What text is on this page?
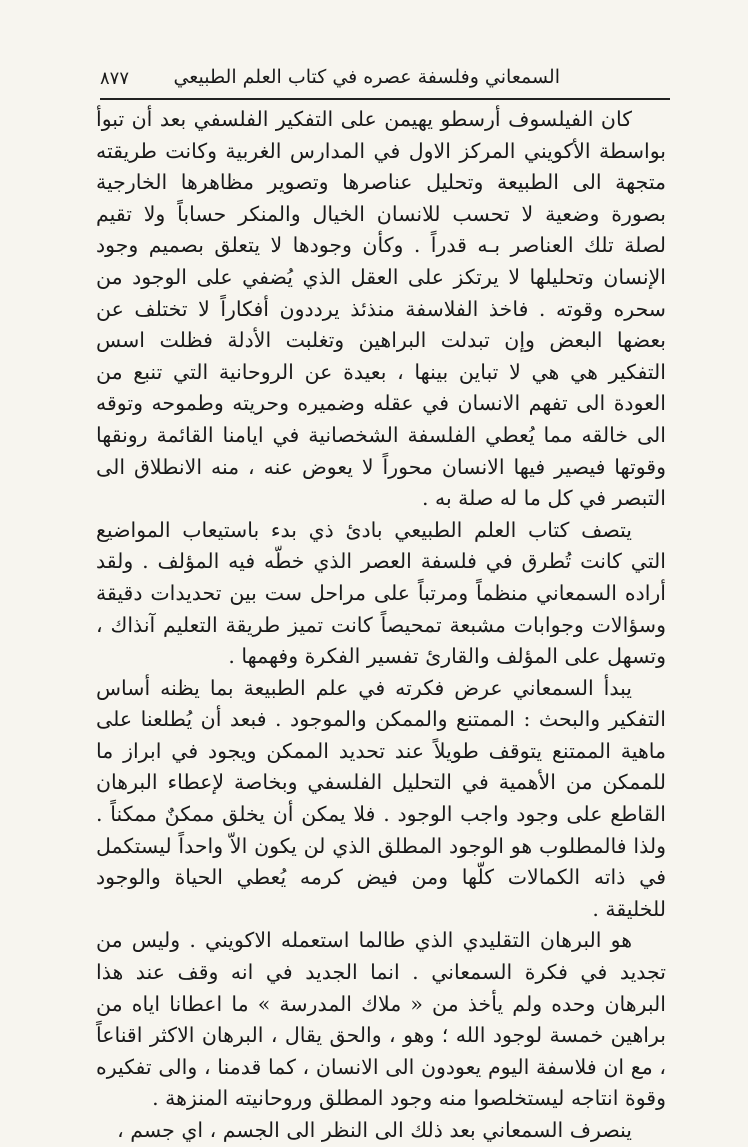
السمعاني وفلسفة عصره في كتاب العلم الطبيعي
٨٧٧

كان الفيلسوف أرسطو يهيمن على التفكير الفلسفي بعد أن تبوأ بواسطة الأكويني المركز الاول في المدارس الغربية وكانت طريقته متجهة الى الطبيعة وتحليل عناصرها وتصوير مظاهرها الخارجية بصورة وضعية لا تحسب للانسان الخيال والمنكر حساباً ولا تقيم لصلة تلك العناصر بـه قدراً . وكأن وجودها لا يتعلق بصميم وجود الإنسان وتحليلها لا يرتكز على العقل الذي يُضفي على الوجود من سحره وقوته . فاخذ الفلاسفة منذئذ يرددون أفكاراً لا تختلف عن بعضها البعض وإن تبدلت البراهين وتغلبت الأدلة فظلت اسس التفكير هي هي لا تباين بينها ، بعيدة عن الروحانية التي تنبع من العودة الى تفهم الانسان في عقله وضميره وحريته وطموحه وتوقه الى خالقه مما يُعطي الفلسفة الشخصانية في ايامنا القائمة رونقها وقوتها فيصير فيها الانسان محوراً لا يعوض عنه ، منه الانطلاق الى التبصر في كل ما له صلة به .

يتصف كتاب العلم الطبيعي بادئ ذي بدء باستيعاب المواضيع التي كانت تُطرق في فلسفة العصر الذي خطّه فيه المؤلف . ولقد أراده السمعاني منظماً ومرتباً على مراحل ست بين تحديدات دقيقة وسؤالات وجوابات مشبعة تمحيصاً كانت تميز طريقة التعليم آنذاك ، وتسهل على المؤلف والقارئ تفسير الفكرة وفهمها .

يبدأ السمعاني عرض فكرته في علم الطبيعة بما يظنه أساس التفكير والبحث : الممتنع والممكن والموجود . فبعد أن يُطلعنا على ماهية الممتنع يتوقف طويلاً عند تحديد الممكن ويجود في ابراز ما للممكن من الأهمية في التحليل الفلسفي وبخاصة لإعطاء البرهان القاطع على وجود واجب الوجود . فلا يمكن أن يخلق ممكنٌ ممكناً . ولذا فالمطلوب هو الوجود المطلق الذي لن يكون الاّ واحداً ليستكمل في ذاته الكمالات كلّها ومن فيض كرمه يُعطي الحياة والوجود للخليقة .

هو البرهان التقليدي الذي طالما استعمله الاكويني . وليس من تجديد في فكرة السمعاني . انما الجديد في انه وقف عند هذا البرهان وحده ولم يأخذ من « ملاك المدرسة » ما اعطانا اياه من براهين خمسة لوجود الله ؛ وهو ، والحق يقال ، البرهان الاكثر اقناعاً ، مع ان فلاسفة اليوم يعودون الى الانسان ، كما قدمنا ، والى تفكيره وقوة انتاجه ليستخلصوا منه وجود المطلق وروحانيته المنزهة .

ينصرف السمعاني بعد ذلك الى النظر الى الجسم ، اي جسم ،
